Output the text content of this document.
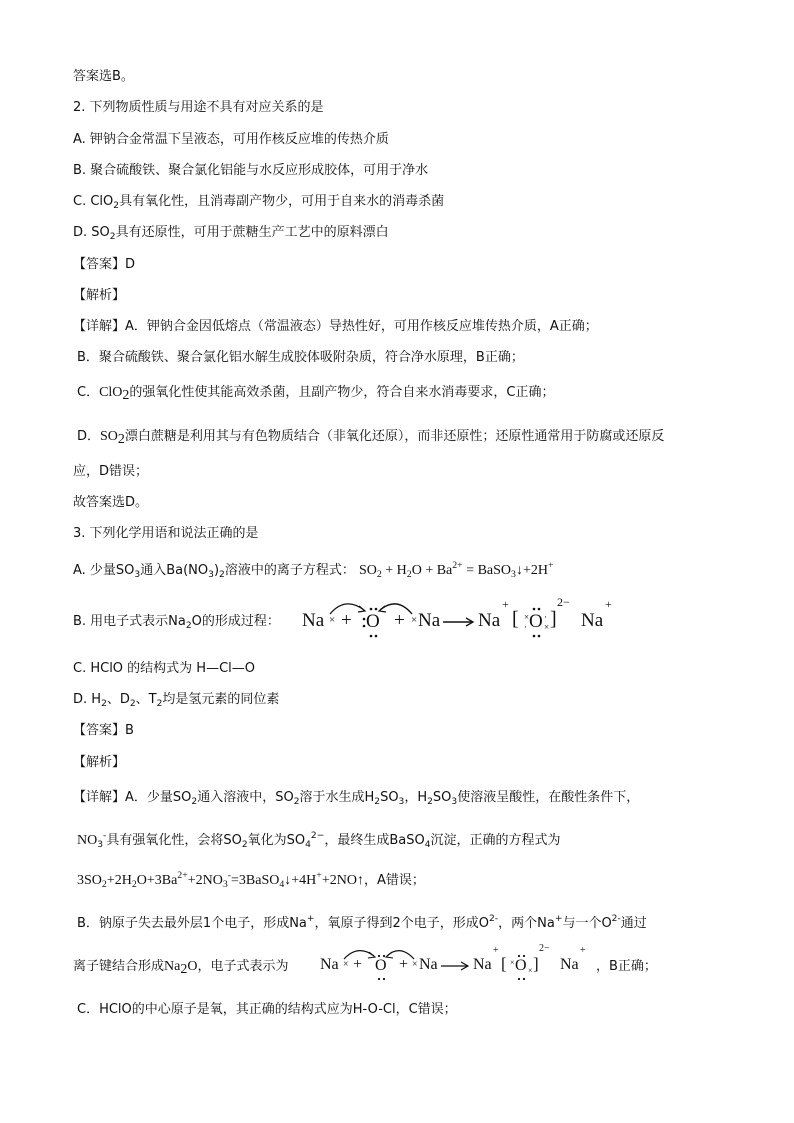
答案选B。
2. 下列物质性质与用途不具有对应关系的是
A. 钾钠合金常温下呈液态，可用作核反应堆的传热介质
B. 聚合硫酸铁、聚合氯化铝能与水反应形成胶体，可用于净水
C. ClO$_2$具有氧化性，且消毒副产物少，可用于自来水的消毒杀菌
D. $SO_2$具有还原性，可用于蔗糖生产工艺中的原料漂白
【答案】D
【解析】
【详解】A．钾钠合金因低熔点（常温液态）导热性好，可用作核反应堆传热介质，A正确；
B．聚合硫酸铁、聚合氯化铝水解生成胶体吸附杂质，符合净水原理，B正确；
C．ClO$_2$的强氧化性使其能高效杀菌，且副产物少，符合自来水消毒要求，C正确；
D．$SO_2$漂白蔗糖是利用其与有色物质结合（非氧化还原），而非还原性；还原性通常用于防腐或还原反
应，D错误；
故答案选D。
3. 下列化学用语和说法正确的是
A. 少量$SO_3$通入$Ba(NO_3)_2$溶液中的离子方程式： $SO_2 + H_2O + Ba^{2+}$ = BaSO$_3$↓+2H+
B. 用电子式表示$Na_2O$的形成过程： Na × + O + × Na Na
+
[ O ]
2−
Na
+
×
·
·
×
C. HClO 的结构式为 H—Cl—O
D. $H_2$、$D_2$、$T_2$均是氢元素的同位素
【答案】B
【解析】
【详解】A．少量$SO_2$通入溶液中，$SO_2$溶于水生成$H_2SO_3$，$H_2SO_3$使溶液呈酸性，在酸性条件下，
$NO_3^-$具有强氧化性，会将$SO_2$氧化为$SO_4^{2-}$，最终生成BaSO$_4$沉淀，正确的方程式为
$3SO_2+2H_2O+3Ba^{2+}+2NO_3^-=3BaSO_4↓+4H^++2NO↑$，A错误；
B．钠原子失去最外层1个电子，形成Na+，氧原子得到2个电子，形成$O^{2-}$，两个Na+与一个$O^{2-}$通过
离子键结合形成$Na_2O$，电子式表示为 Na × + O + × Na Na
+
[ O ]
2−
Na
+
×
×	，B正确；
C．HClO的中心原子是氧，其正确的结构式应为H-O-Cl，C错误；
